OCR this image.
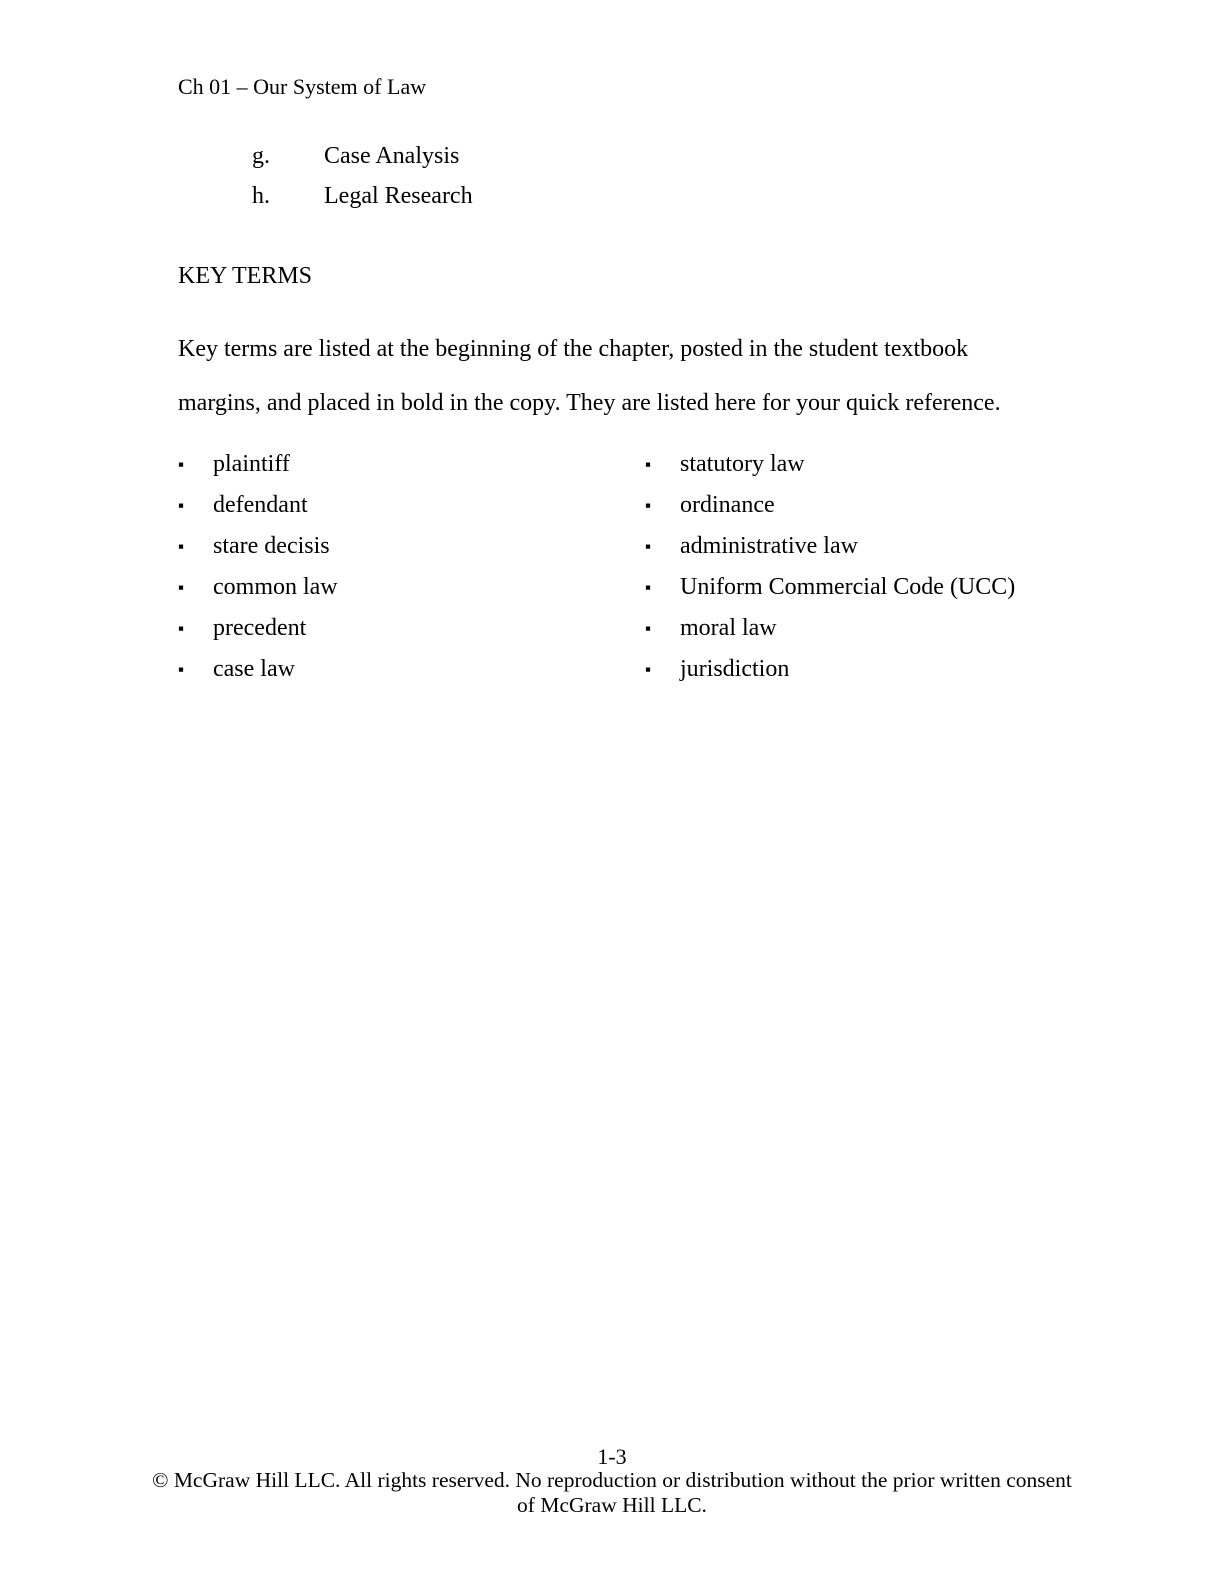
Ch 01 – Our System of Law
g. Case Analysis
h. Legal Research
KEY TERMS

Key terms are listed at the beginning of the chapter, posted in the student textbook margins, and placed in bold in the copy. They are listed here for your quick reference.

▪	plaintiff
▪	defendant
▪	stare decisis
▪	common law
▪	precedent
▪	case law
▪	statutory law
▪	ordinance
▪	administrative law
▪	Uniform Commercial Code (UCC)
▪	moral law
▪	jurisdiction
1-3
© McGraw Hill LLC. All rights reserved. No reproduction or distribution without the prior written consent
of McGraw Hill LLC.
